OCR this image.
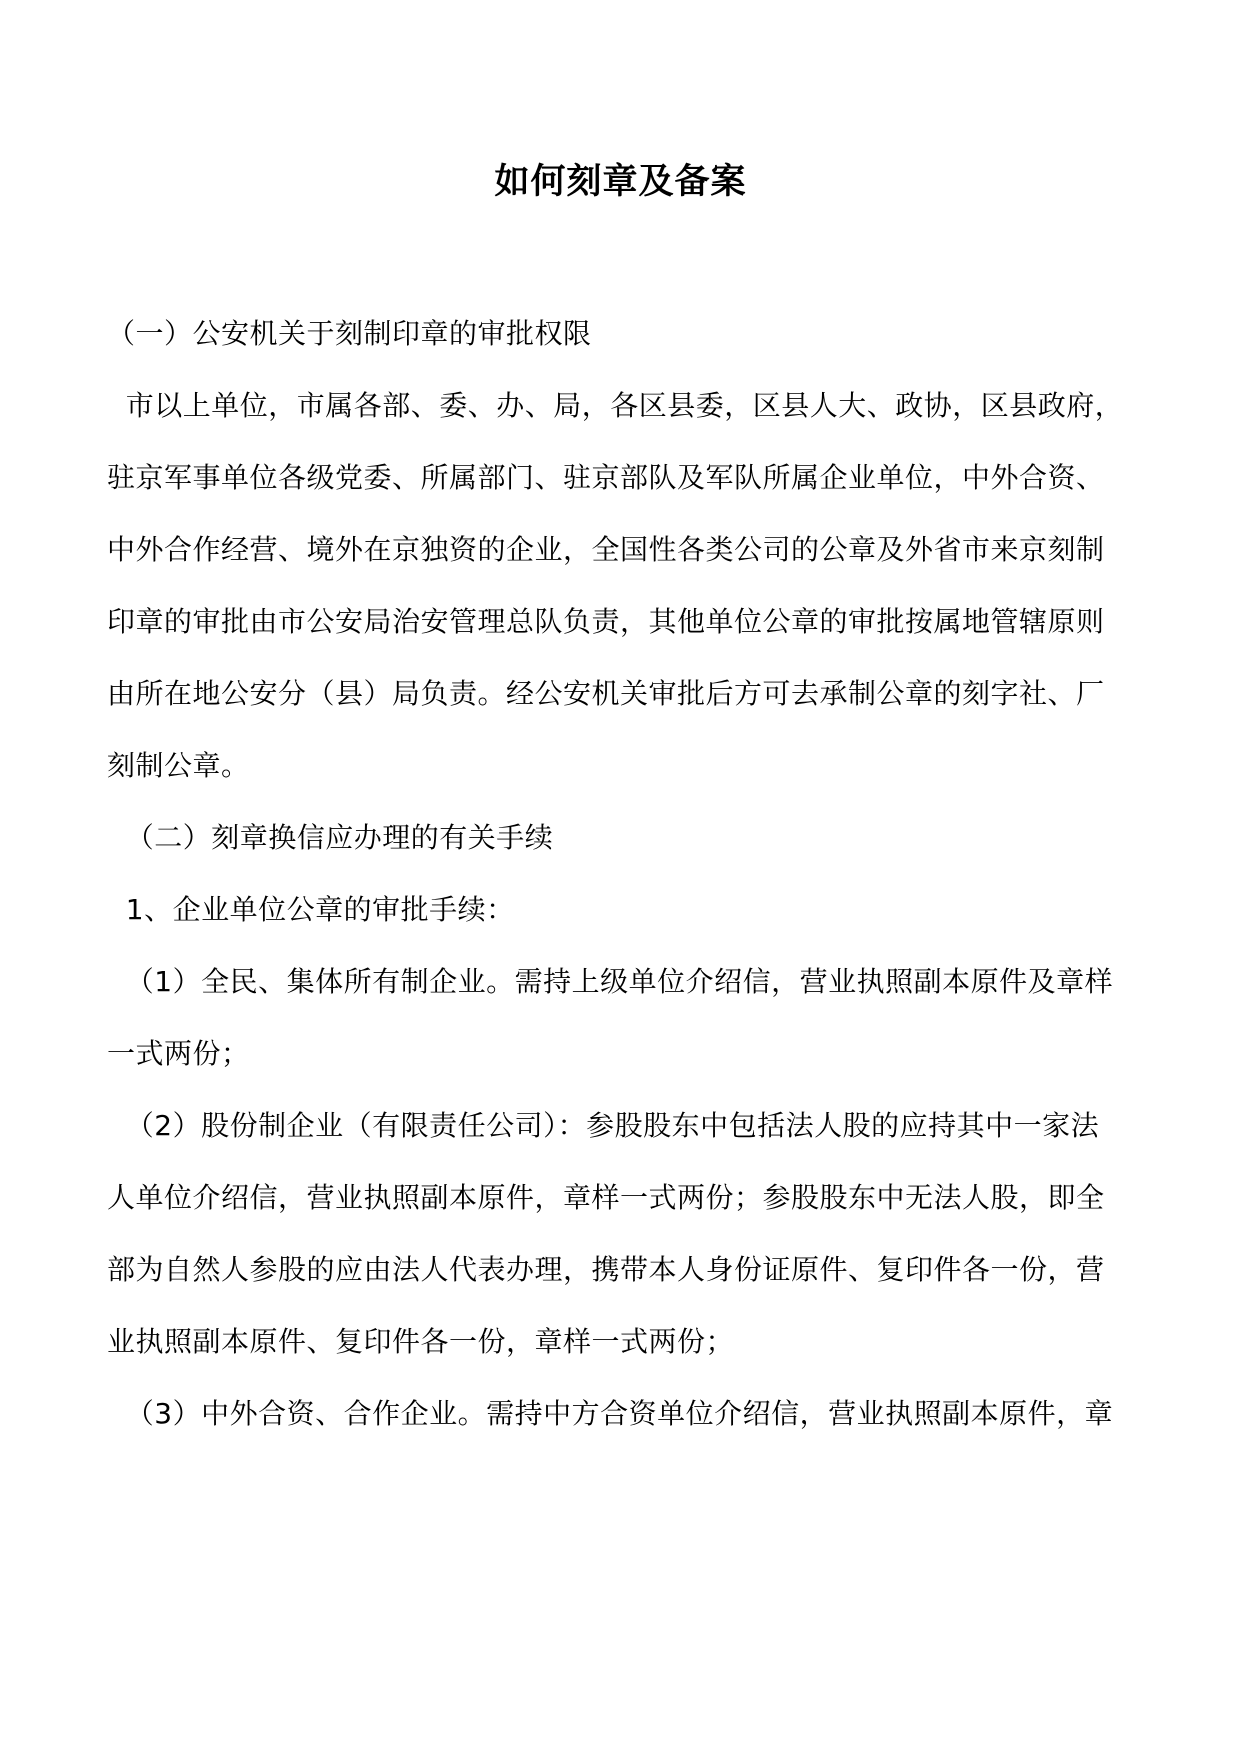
如何刻章及备案
（一）公安机关于刻制印章的审批权限
市以上单位，市属各部、委、办、局，各区县委，区县人大、政协，区县政府，
驻京军事单位各级党委、所属部门、驻京部队及军队所属企业单位，中外合资、
中外合作经营、境外在京独资的企业，全国性各类公司的公章及外省市来京刻制
印章的审批由市公安局治安管理总队负责，其他单位公章的审批按属地管辖原则
由所在地公安分（县）局负责。经公安机关审批后方可去承制公章的刻字社、厂
刻制公章。
（二）刻章换信应办理的有关手续
1、企业单位公章的审批手续：
（1）全民、集体所有制企业。需持上级单位介绍信，营业执照副本原件及章样
一式两份；
（2）股份制企业（有限责任公司）：参股股东中包括法人股的应持其中一家法
人单位介绍信，营业执照副本原件，章样一式两份；参股股东中无法人股，即全
部为自然人参股的应由法人代表办理，携带本人身份证原件、复印件各一份，营
业执照副本原件、复印件各一份，章样一式两份；
（3）中外合资、合作企业。需持中方合资单位介绍信，营业执照副本原件，章
